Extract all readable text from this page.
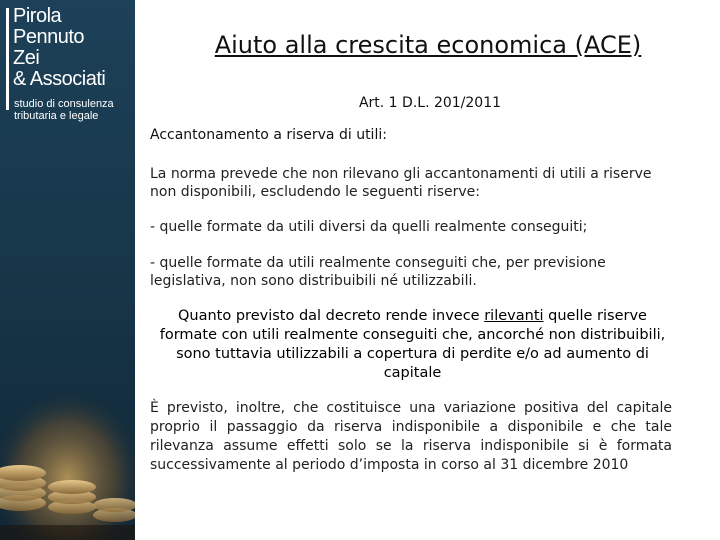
Pirola
Pennuto
Zei
& Associati
studio di consulenza
tributaria e legale
Aiuto alla crescita economica (ACE)
Art. 1 D.L. 201/2011
Accantonamento a riserva di utili:

La norma prevede che non rilevano gli accantonamenti di utili a riserve non disponibili, escludendo le seguenti riserve:

- quelle formate da utili diversi da quelli realmente conseguiti;

- quelle formate da utili realmente conseguiti che, per previsione legislativa, non sono distribuibili né utilizzabili.

Quanto previsto dal decreto rende invece rilevanti quelle riserve formate con utili realmente conseguiti che, ancorché non distribuibili, sono tuttavia utilizzabili a copertura di perdite e/o ad aumento di capitale

È previsto, inoltre, che costituisce una variazione positiva del capitale proprio il passaggio da riserva indisponibile a disponibile e che tale rilevanza assume effetti solo se la riserva indisponibile si è formata successivamente al periodo d’imposta in corso al 31 dicembre 2010
